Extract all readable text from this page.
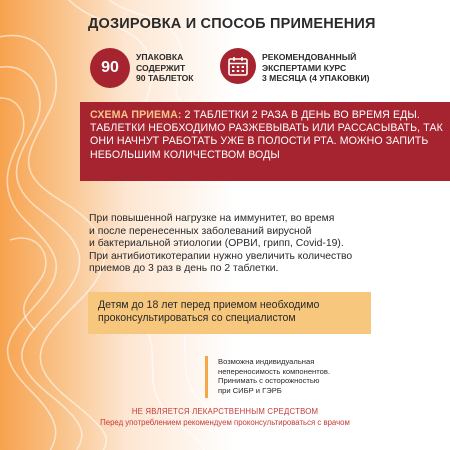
ДОЗИРОВКА И СПОСОБ ПРИМЕНЕНИЯ
90
УПАКОВКА
СОДЕРЖИТ
90 ТАБЛЕТОК
РЕКОМЕНДОВАННЫЙ
ЭКСПЕРТАМИ КУРС
3 МЕСЯЦА (4 УПАКОВКИ)
СХЕМА ПРИЕМА: 2 ТАБЛЕТКИ 2 РАЗА В ДЕНЬ ВО ВРЕМЯ ЕДЫ. ТАБЛЕТКИ НЕОБХОДИМО РАЗЖЕВЫВАТЬ ИЛИ РАССАСЫВАТЬ, ТАК ОНИ НАЧНУТ РАБОТАТЬ УЖЕ В ПОЛОСТИ РТА. МОЖНО ЗАПИТЬ НЕБОЛЬШИМ КОЛИЧЕСТВОМ ВОДЫ
При повышенной нагрузке на иммунитет, во время
и после перенесенных заболеваний вирусной
и бактериальной этиологии (ОРВИ, грипп, Covid-19).
При антибиотикотерапии нужно увеличить количество
приемов до 3 раз в день по 2 таблетки.
Детям до 18 лет перед приемом необходимо
проконсультироваться со специалистом
Возможна индивидуальная
непереносимость компонентов.
Принимать с осторожностью
при СИБР и ГЭРБ
НЕ ЯВЛЯЕТСЯ ЛЕКАРСТВЕННЫМ СРЕДСТВОМ
Перед употреблением рекомендуем проконсультироваться с врачом
